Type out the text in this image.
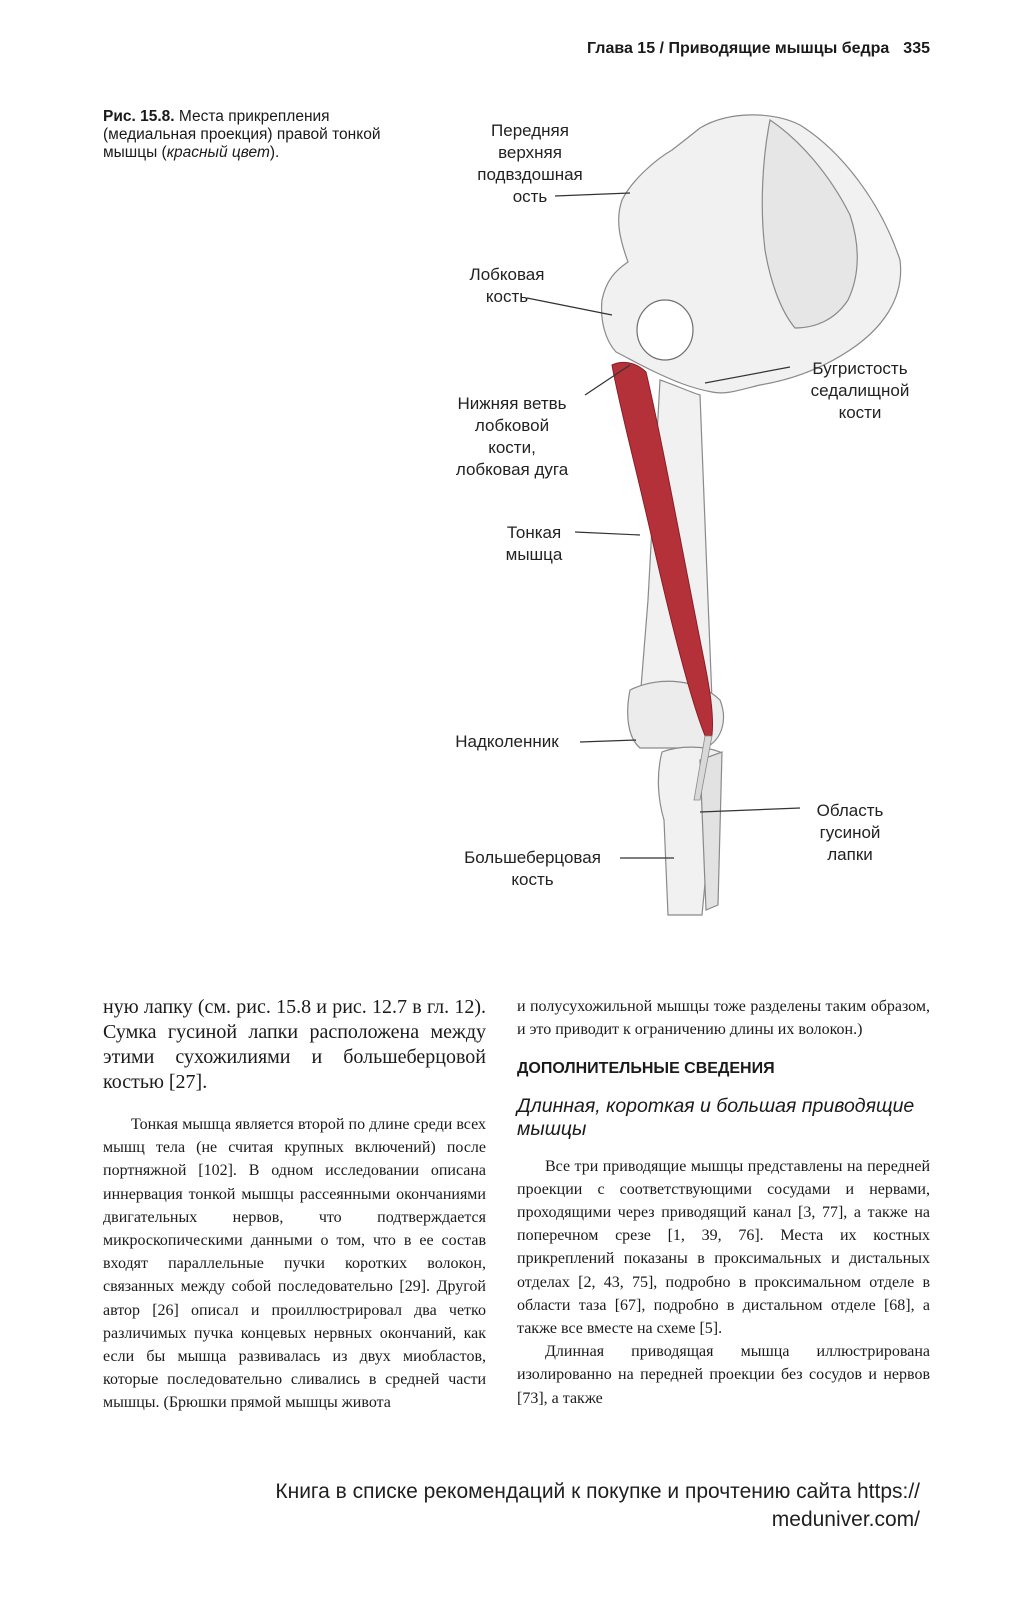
Глава 15 / Приводящие мышцы бедра 335
Рис. 15.8. Места прикрепления (медиальная проекция) правой тонкой мышцы (красный цвет).
Передняя
верхняя
подвздошная
ость
Лобковая
кость
Нижняя ветвь
лобковой
кости,
лобковая дуга
Бугристость
седалищной
кости
Тонкая
мышца
Надколенник
Область
гусиной
лапки
Большеберцовая
кость

ную лапку (см. рис. 15.8 и рис. 12.7 в гл. 12). Сумка гусиной лапки расположена между этими сухожилиями и большеберцовой костью [27].

Тонкая мышца является второй по длине среди всех мышц тела (не считая крупных включений) после портняжной [102]. В одном исследовании описана иннервация тонкой мышцы рассеянными окончаниями двигательных нервов, что подтверждается микроскопическими данными о том, что в ее состав входят параллельные пучки коротких волокон, связанных между собой последовательно [29]. Другой автор [26] описал и проиллюстрировал два четко различимых пучка концевых нервных окончаний, как если бы мышца развивалась из двух миобластов, которые последовательно сливались в средней части мышцы. (Брюшки прямой мышцы живота

и полусухожильной мышцы тоже разделены таким образом, и это приводит к ограничению длины их волокон.)

ДОПОЛНИТЕЛЬНЫЕ СВЕДЕНИЯ
Длинная, короткая и большая приводящие мышцы

Все три приводящие мышцы представлены на передней проекции с соответствующими сосудами и нервами, проходящими через приводящий канал [3, 77], а также на поперечном срезе [1, 39, 76]. Места их костных прикреплений показаны в проксимальных и дистальных отделах [2, 43, 75], подробно в проксимальном отделе в области таза [67], подробно в дистальном отделе [68], а также все вместе на схеме [5].

Длинная приводящая мышца иллюстрирована изолированно на передней проекции без сосудов и нервов [73], а также

Книга в списке рекомендаций к покупке и прочтению сайта https://
meduniver.com/
